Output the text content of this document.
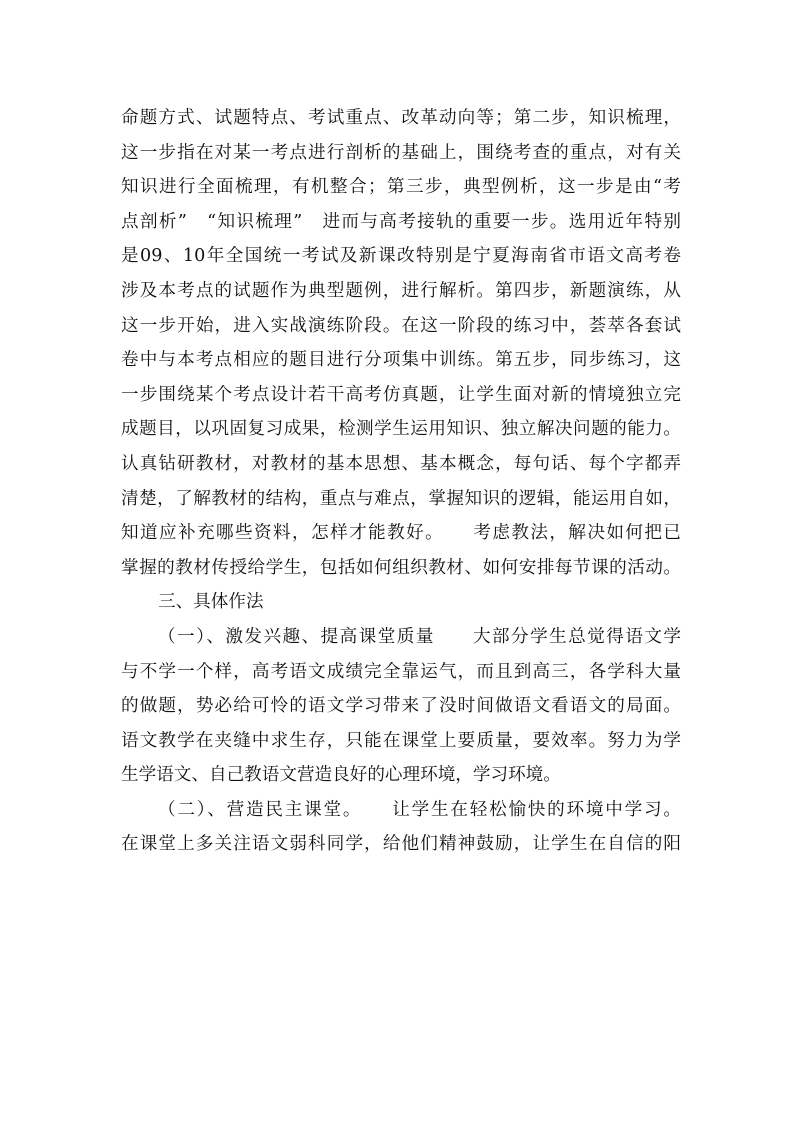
命题方式、试题特点、考试重点、改革动向等；第二步，知识梳理，
这一步指在对某一考点进行剖析的基础上，围绕考查的重点，对有关
知识进行全面梳理，有机整合；第三步，典型例析，这一步是由“考
点剖析”　“知识梳理”　进而与高考接轨的重要一步。选用近年特别
是09、10年全国统一考试及新课改特别是宁夏海南省市语文高考卷
涉及本考点的试题作为典型题例，进行解析。第四步，新题演练，从
这一步开始，进入实战演练阶段。在这一阶段的练习中，荟萃各套试
卷中与本考点相应的题目进行分项集中训练。第五步，同步练习，这
一步围绕某个考点设计若干高考仿真题，让学生面对新的情境独立完
成题目，以巩固复习成果，检测学生运用知识、独立解决问题的能力。
认真钻研教材，对教材的基本思想、基本概念，每句话、每个字都弄
清楚，了解教材的结构，重点与难点，掌握知识的逻辑，能运用自如，
知道应补充哪些资料，怎样才能教好。　　考虑教法，解决如何把已
掌握的教材传授给学生，包括如何组织教材、如何安排每节课的活动。
三、具体作法
（一）、激发兴趣、提高课堂质量　　大部分学生总觉得语文学
与不学一个样，高考语文成绩完全靠运气，而且到高三，各学科大量
的做题，势必给可怜的语文学习带来了没时间做语文看语文的局面。
语文教学在夹缝中求生存，只能在课堂上要质量，要效率。努力为学
生学语文、自己教语文营造良好的心理环境，学习环境。
（二）、营造民主课堂。　　让学生在轻松愉快的环境中学习。
在课堂上多关注语文弱科同学，给他们精神鼓励，让学生在自信的阳
